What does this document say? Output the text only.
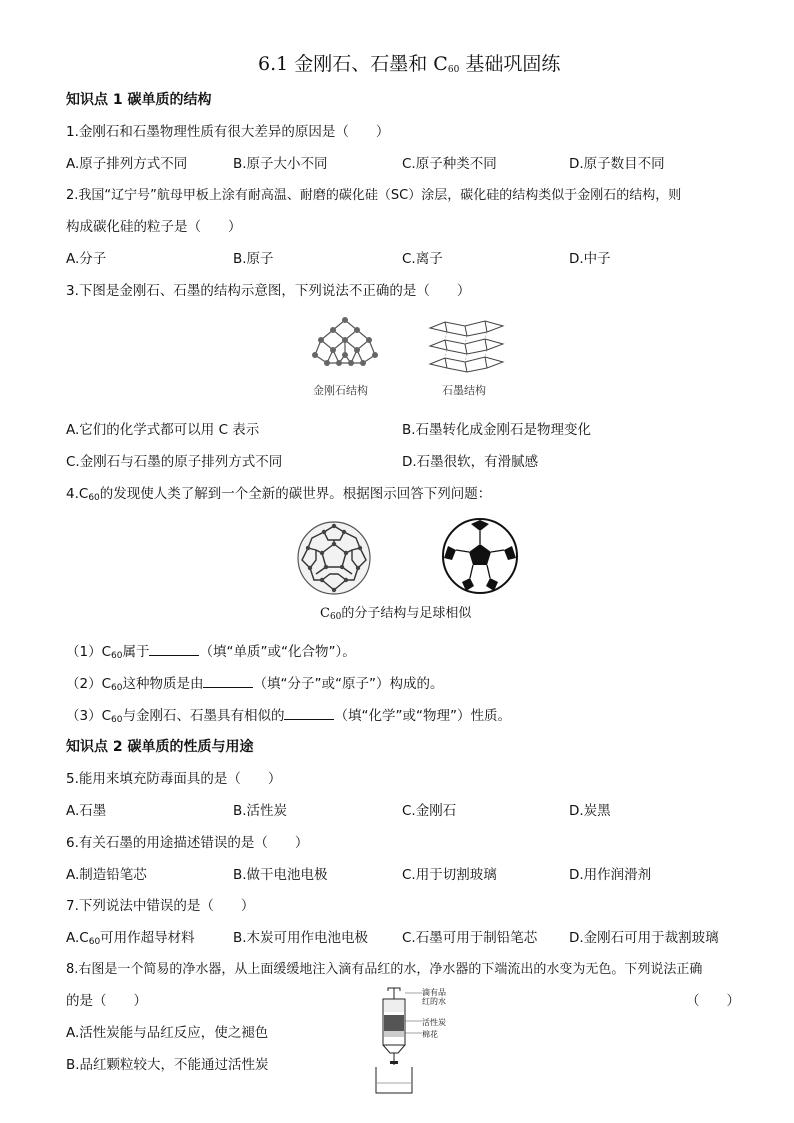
6.1 金刚石、石墨和 $C_{60}$ 基础巩固练
知识点 1 碳单质的结构
1.金刚石和石墨物理性质有很大差异的原因是（　　）
A.原子排列方式不同	B.原子大小不同	C.原子种类不同	D.原子数目不同
2.我国“辽宁号”航母甲板上涂有耐高温、耐磨的碳化硅（SC）涂层，碳化硅的结构类似于金刚石的结构，则
构成碳化硅的粒子是（　　）
A.分子	B.原子	C.离子	D.中子
3.下图是金刚石、石墨的结构示意图，下列说法不正确的是（　　）
金刚石结构	石墨结构
A.它们的化学式都可以用 C 表示	B.石墨转化成金刚石是物理变化
C.金刚石与石墨的原子排列方式不同	D.石墨很软，有滑腻感
$4.C_{60}$的发现使人类了解到一个全新的碳世界。根据图示回答下列问题：
$C_{60}$的分子结构与足球相似
$(1)C_{60}$属于	（填“单质”或“化合物”）。
$(2)C_{60}$这种物质是由	（填“分子”或“原子”）构成的。
$(3)C_{60}$与金刚石、石墨具有相似的	（填“化学”或“物理”）性质。
知识点 2 碳单质的性质与用途
5.能用来填充防毒面具的是（　　）
A.石墨	B.活性炭	C.金刚石	D.炭黑
6.有关石墨的用途描述错误的是（　　）
A.制造铅笔芯	B.做干电池电极	C.用于切割玻璃	D.用作润滑剂
7.下列说法中错误的是（　　）
$A.C_{60}$可用作超导材料	B.木炭可用作电池电极	C.石墨可用于制铅笔芯 D.金刚石可用于裁割玻璃
8.右图是一个简易的净水器，从上面缓缓地注入滴有品红的水，净水器的下端流出的水变为无色。下列说法正确
的是（　　）	（　　）
A.活性炭能与品红反应，使之褪色
B.品红颗粒较大，不能通过活性炭
滴有品
红的水
活性炭
棉花
